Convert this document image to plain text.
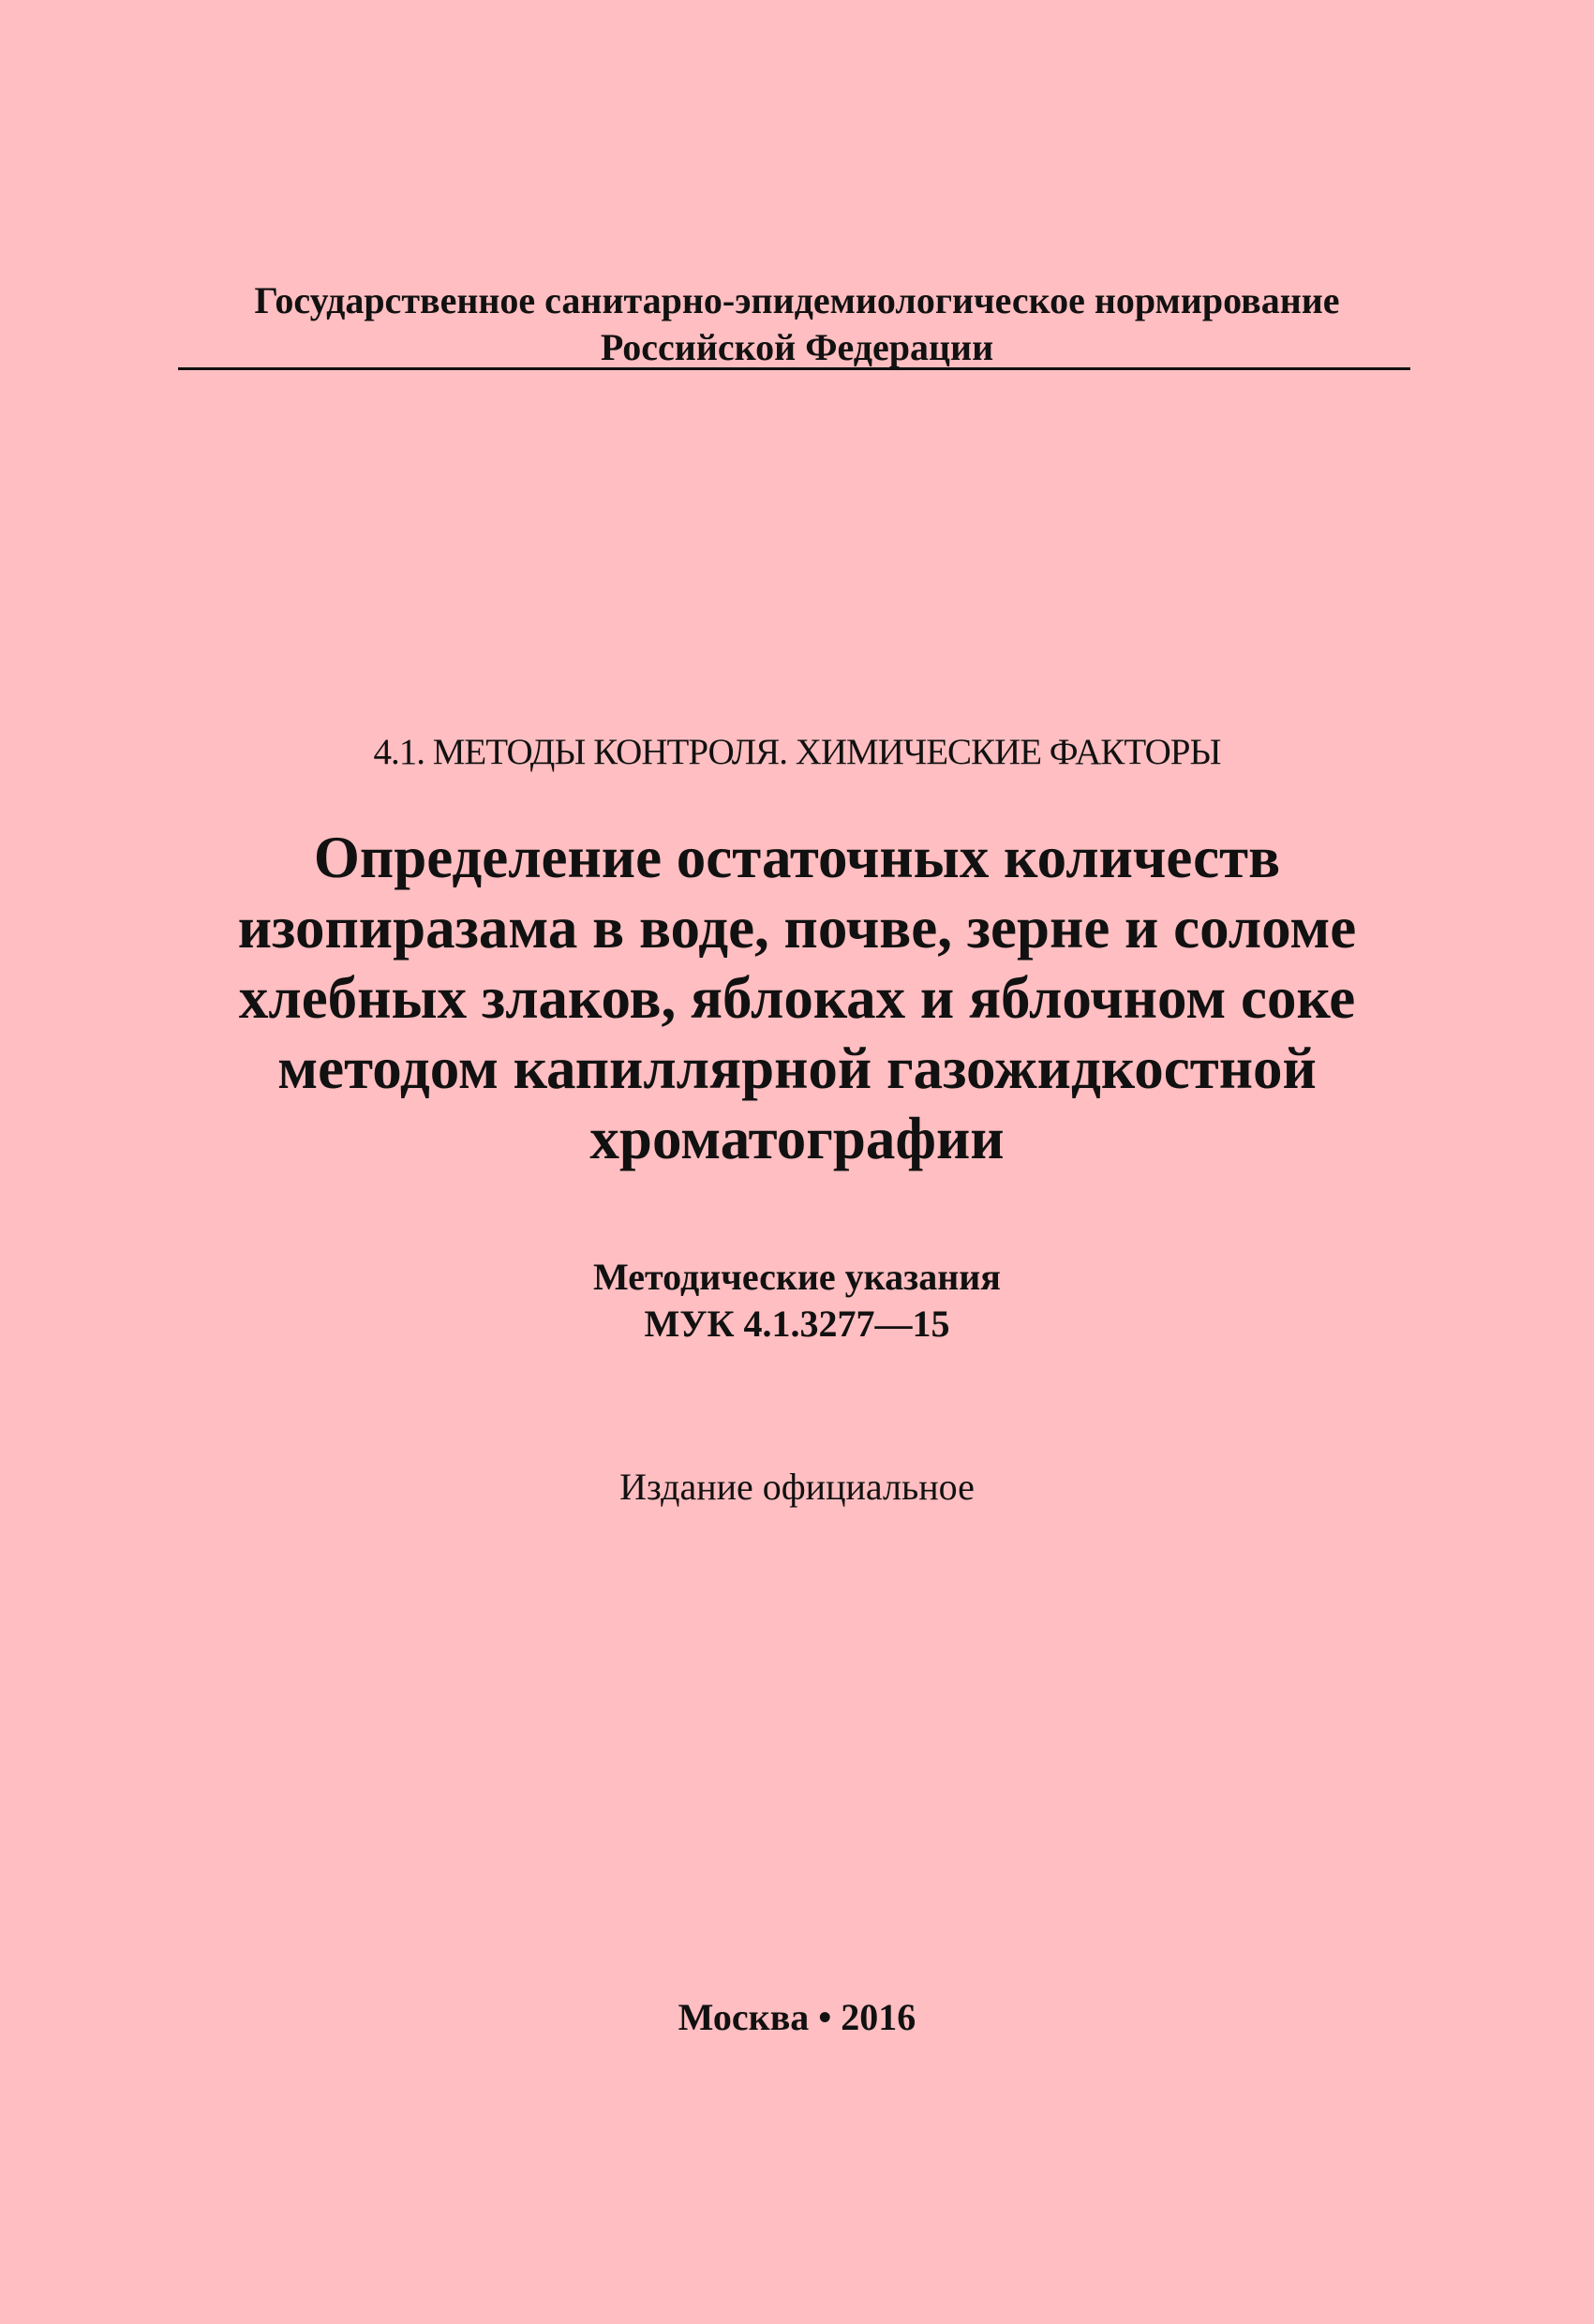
Государственное санитарно-эпидемиологическое нормирование
Российской Федерации
4.1. МЕТОДЫ КОНТРОЛЯ. ХИМИЧЕСКИЕ ФАКТОРЫ
Определение остаточных количеств
изопиразама в воде, почве, зерне и соломе
хлебных злаков, яблоках и яблочном соке
методом капиллярной газожидкостной
хроматографии
Методические указания
МУК 4.1.3277—15
Издание официальное
Москва • 2016
